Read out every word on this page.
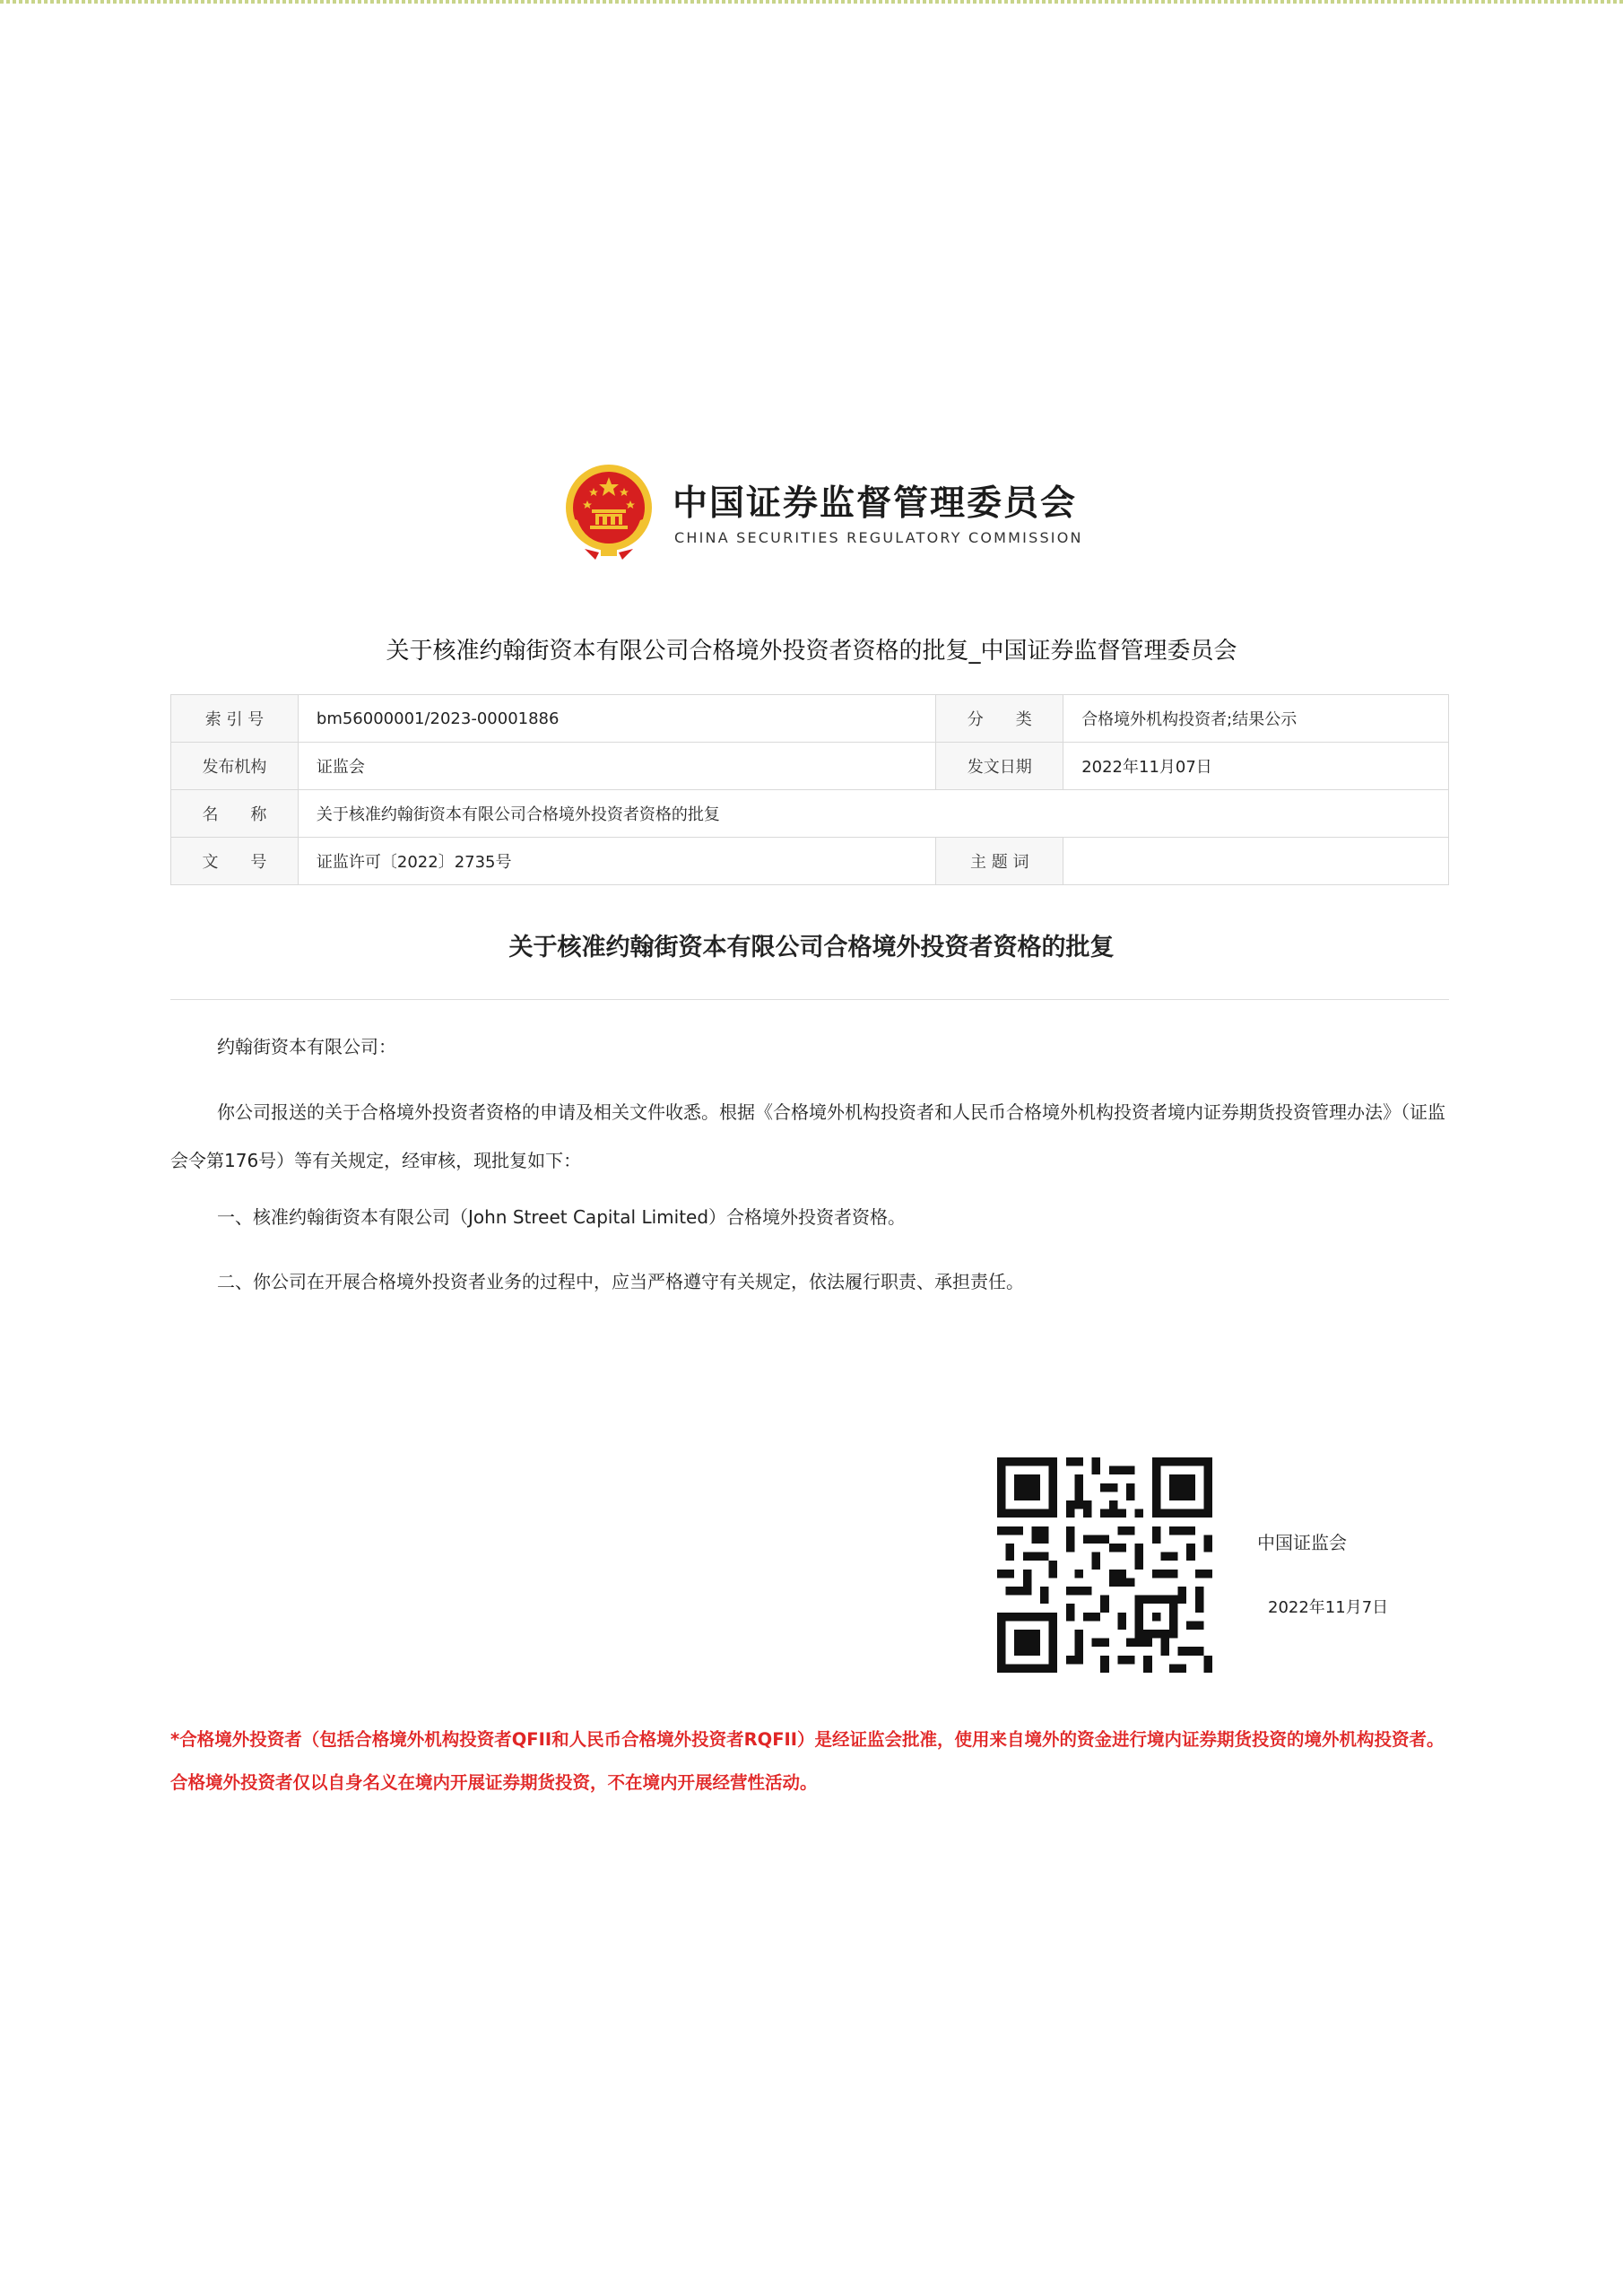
中国证券监督管理委员会
CHINA SECURITIES REGULATORY COMMISSION
关于核准约翰街资本有限公司合格境外投资者资格的批复_中国证券监督管理委员会
索 引 号	bm56000001/2023-00001886	分　　类	合格境外机构投资者;结果公示
发布机构	证监会	发文日期	2022年11月07日
名　　称	关于核准约翰街资本有限公司合格境外投资者资格的批复		
文　　号	证监许可〔2022〕2735号	主 题 词	
关于核准约翰街资本有限公司合格境外投资者资格的批复

约翰街资本有限公司：

你公司报送的关于合格境外投资者资格的申请及相关文件收悉。根据《合格境外机构投资者和人民币合格境外机构投资者境内证券期货投资管理办法》（证监会令第176号）等有关规定，经审核，现批复如下：

一、核准约翰街资本有限公司（John Street Capital Limited）合格境外投资者资格。

二、你公司在开展合格境外投资者业务的过程中，应当严格遵守有关规定，依法履行职责、承担责任。

中国证监会
2022年11月7日

*合格境外投资者（包括合格境外机构投资者QFII和人民币合格境外投资者RQFII）是经证监会批准，使用来自境外的资金进行境内证券期货投资的境外机构投资者。合格境外投资者仅以自身名义在境内开展证券期货投资，不在境内开展经营性活动。
